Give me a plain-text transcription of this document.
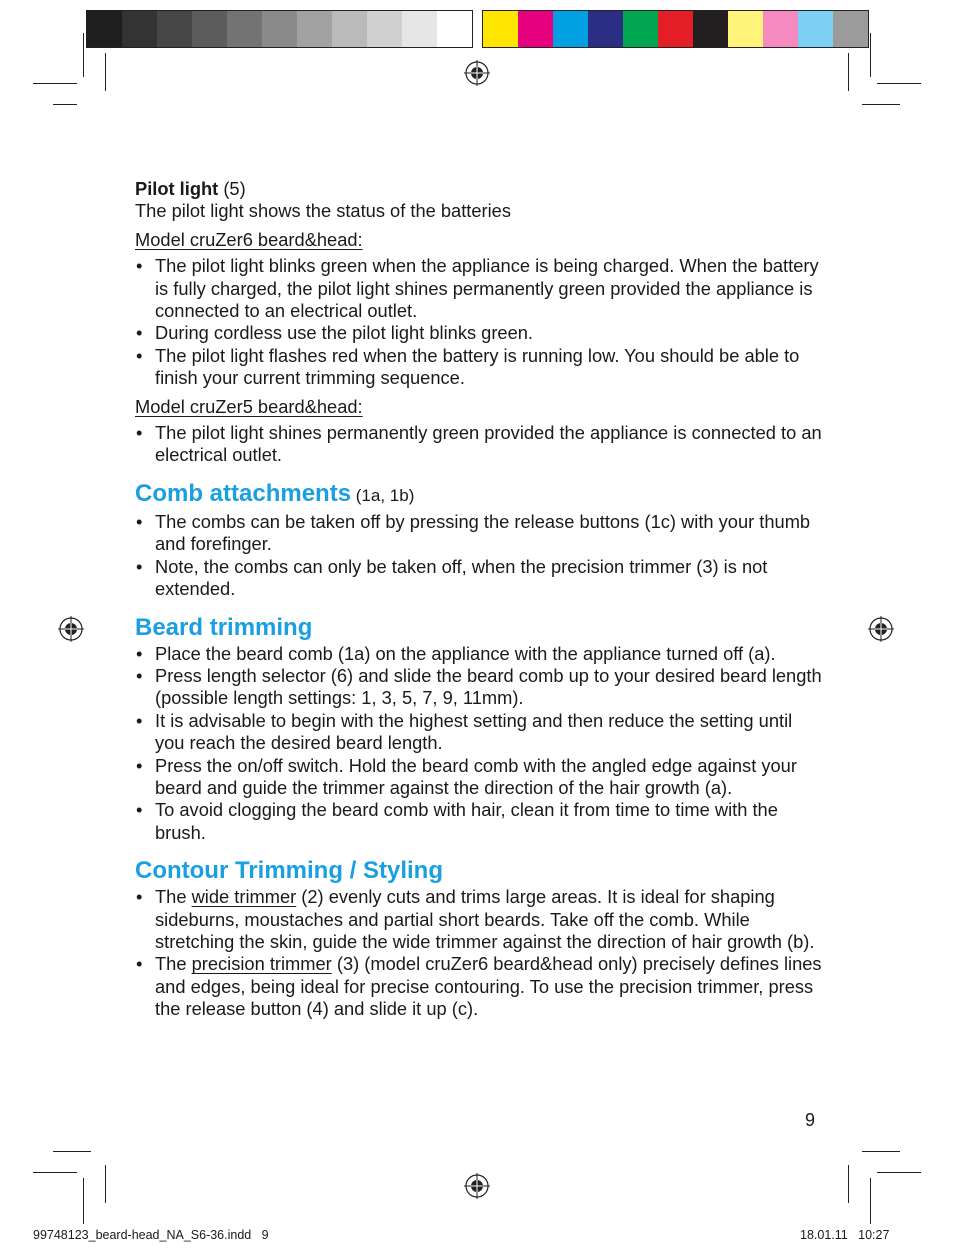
Pilot light (5)

The pilot light shows the status of the batteries

Model cruZer6 beard&head:

• The pilot light blinks green when the appliance is being charged. When the battery is fully charged, the pilot light shines permanently green provided the appliance is connected to an electrical outlet.
• During cordless use the pilot light blinks green.
• The pilot light flashes red when the battery is running low. You should be able to finish your current trimming sequence.

Model cruZer5 beard&head:

• The pilot light shines permanently green provided the appliance is connected to an electrical outlet.
Comb attachments (1a, 1b)
• The combs can be taken off by pressing the release buttons (1c) with your thumb and forefinger.
• Note, the combs can only be taken off, when the precision trimmer (3) is not extended.
Beard trimming
• Place the beard comb (1a) on the appliance with the appliance turned off (a).
• Press length selector (6) and slide the beard comb up to your desired beard length (possible length settings: 1, 3, 5, 7, 9, 11mm).
• It is advisable to begin with the highest setting and then reduce the setting until you reach the desired beard length.
• Press the on/off switch. Hold the beard comb with the angled edge against your beard and guide the trimmer against the direction of the hair growth (a).
• To avoid clogging the beard comb with hair, clean it from time to time with the brush.
Contour Trimming / Styling
• The wide trimmer (2) evenly cuts and trims large areas. It is ideal for shaping sideburns, moustaches and partial short beards. Take off the comb. While stretching the skin, guide the wide trimmer against the direction of hair growth (b).
• The precision trimmer (3) (model cruZer6 beard&head only) precisely defines lines and edges, being ideal for precise contouring. To use the precision trimmer, press the release button (4) and slide it up (c).
9
99748123_beard-head_NA_S6-36.indd   9	18.01.11   10:27
